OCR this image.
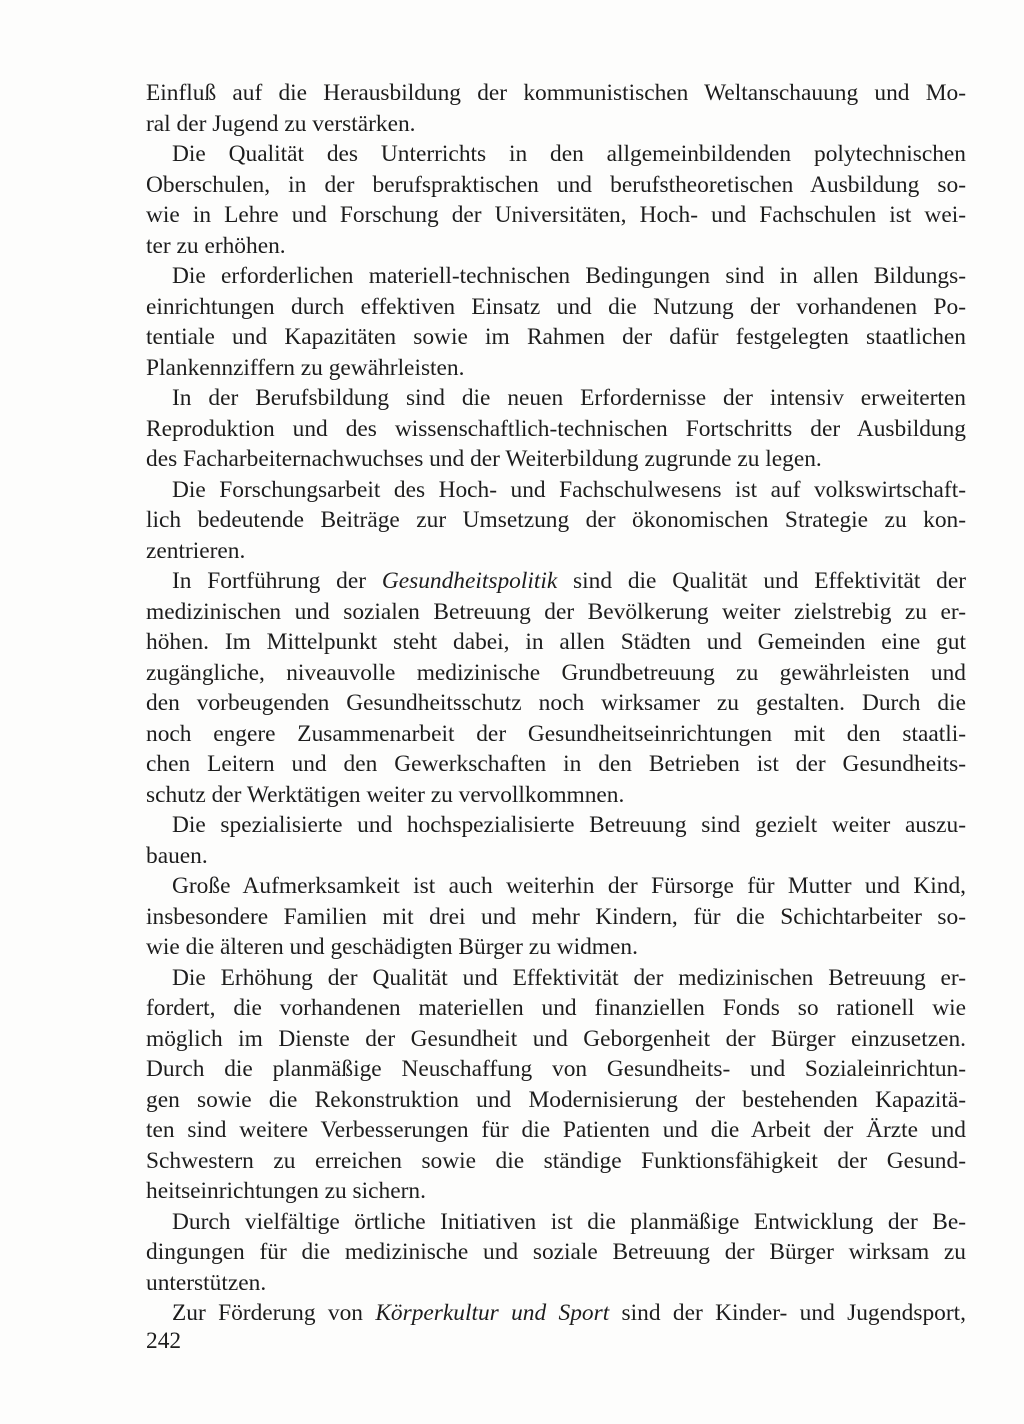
Einfluß auf die Herausbildung der kommunistischen Weltanschauung und Mo-
ral der Jugend zu verstärken.
Die Qualität des Unterrichts in den allgemeinbildenden polytechnischen
Oberschulen, in der berufspraktischen und berufstheoretischen Ausbildung so-
wie in Lehre und Forschung der Universitäten, Hoch- und Fachschulen ist wei-
ter zu erhöhen.
Die erforderlichen materiell-technischen Bedingungen sind in allen Bildungs-
einrichtungen durch effektiven Einsatz und die Nutzung der vorhandenen Po-
tentiale und Kapazitäten sowie im Rahmen der dafür festgelegten staatlichen
Plankennziffern zu gewährleisten.
In der Berufsbildung sind die neuen Erfordernisse der intensiv erweiterten
Reproduktion und des wissenschaftlich-technischen Fortschritts der Ausbildung
des Facharbeiternachwuchses und der Weiterbildung zugrunde zu legen.
Die Forschungsarbeit des Hoch- und Fachschulwesens ist auf volkswirtschaft-
lich bedeutende Beiträge zur Umsetzung der ökonomischen Strategie zu kon-
zentrieren.
In Fortführung der Gesundheitspolitik sind die Qualität und Effektivität der
medizinischen und sozialen Betreuung der Bevölkerung weiter zielstrebig zu er-
höhen. Im Mittelpunkt steht dabei, in allen Städten und Gemeinden eine gut
zugängliche, niveauvolle medizinische Grundbetreuung zu gewährleisten und
den vorbeugenden Gesundheitsschutz noch wirksamer zu gestalten. Durch die
noch engere Zusammenarbeit der Gesundheitseinrichtungen mit den staatli-
chen Leitern und den Gewerkschaften in den Betrieben ist der Gesundheits-
schutz der Werktätigen weiter zu vervollkommnen.
Die spezialisierte und hochspezialisierte Betreuung sind gezielt weiter auszu-
bauen.
Große Aufmerksamkeit ist auch weiterhin der Fürsorge für Mutter und Kind,
insbesondere Familien mit drei und mehr Kindern, für die Schichtarbeiter so-
wie die älteren und geschädigten Bürger zu widmen.
Die Erhöhung der Qualität und Effektivität der medizinischen Betreuung er-
fordert, die vorhandenen materiellen und finanziellen Fonds so rationell wie
möglich im Dienste der Gesundheit und Geborgenheit der Bürger einzusetzen.
Durch die planmäßige Neuschaffung von Gesundheits- und Sozialeinrichtun-
gen sowie die Rekonstruktion und Modernisierung der bestehenden Kapazitä-
ten sind weitere Verbesserungen für die Patienten und die Arbeit der Ärzte und
Schwestern zu erreichen sowie die ständige Funktionsfähigkeit der Gesund-
heitseinrichtungen zu sichern.
Durch vielfältige örtliche Initiativen ist die planmäßige Entwicklung der Be-
dingungen für die medizinische und soziale Betreuung der Bürger wirksam zu
unterstützen.
Zur Förderung von Körperkultur und Sport sind der Kinder- und Jugendsport,
242
